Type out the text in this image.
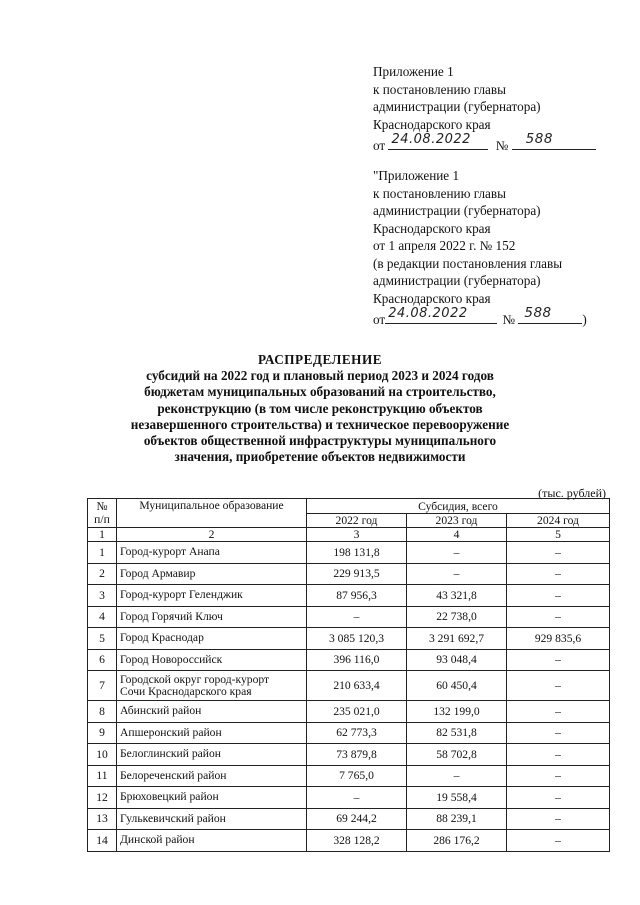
Приложение 1
к постановлению главы
администрации (губернатора)
Краснодарского края
от 24.08.2022 № 588
"Приложение 1
к постановлению главы
администрации (губернатора)
Краснодарского края
от 1 апреля 2022 г. № 152
(в редакции постановления главы
администрации (губернатора)
Краснодарского края
от 24.08.2022	№ 588 )
РАСПРЕДЕЛЕНИЕ
субсидий на 2022 год и плановый период 2023 и 2024 годов
бюджетам муниципальных образований на строительство,
реконструкцию (в том числе реконструкцию объектов
незавершенного строительства) и техническое перевооружение
объектов общественной инфраструктуры муниципального
значения, приобретение объектов недвижимости
(тыс. рублей)
№
п/п	Муниципальное образование	Субсидия, всего		
		2022 год	2023 год	2024 год
1	2	3	4	5
1	Город-курорт Анапа	198 131,8	–	–
2	Город Армавир	229 913,5	–	–
3	Город-курорт Геленджик	87 956,3	43 321,8	–
4	Город Горячий Ключ	–	22 738,0	–
5	Город Краснодар	3 085 120,3	3 291 692,7	929 835,6
6	Город Новороссийск	396 116,0	93 048,4	–
7	Городской округ город-курорт
Сочи Краснодарского края	210 633,4	60 450,4	–
8	Абинский район	235 021,0	132 199,0	–
9	Апшеронский район	62 773,3	82 531,8	–
10	Белоглинский район	73 879,8	58 702,8	–
11	Белореченский район	7 765,0	–	–
12	Брюховецкий район	–	19 558,4	–
13	Гулькевичский район	69 244,2	88 239,1	–
14	Динской район	328 128,2	286 176,2	–
